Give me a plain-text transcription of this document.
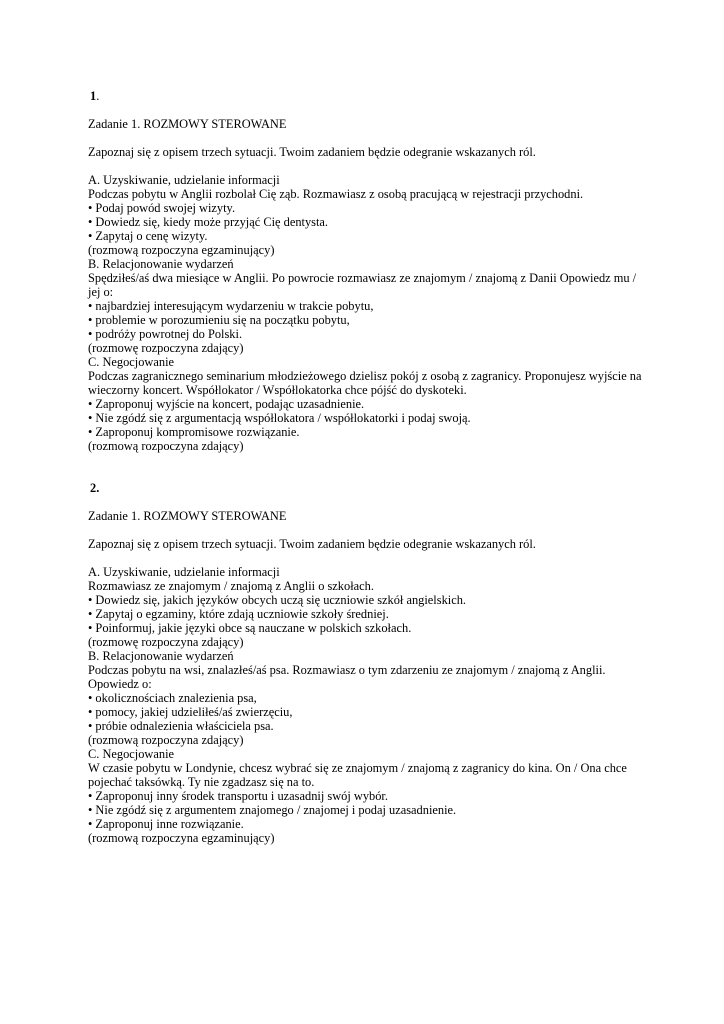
1.
Zadanie 1. ROZMOWY STEROWANE
Zapoznaj się z opisem trzech sytuacji. Twoim zadaniem będzie odegranie wskazanych ról.
A. Uzyskiwanie, udzielanie informacji
Podczas pobytu w Anglii rozbolał Cię ząb. Rozmawiasz z osobą pracującą w rejestracji przychodni.
• Podaj powód swojej wizyty.
• Dowiedz się, kiedy może przyjąć Cię dentysta.
• Zapytaj o cenę wizyty.
(rozmową rozpoczyna egzaminujący)
B. Relacjonowanie wydarzeń
Spędziłeś/aś dwa miesiące w Anglii. Po powrocie rozmawiasz ze znajomym / znajomą z Danii Opowiedz mu /
jej o:
• najbardziej interesującym wydarzeniu w trakcie pobytu,
• problemie w porozumieniu się na początku pobytu,
• podróży powrotnej do Polski.
(rozmowę rozpoczyna zdający)
C. Negocjowanie
Podczas zagranicznego seminarium młodzieżowego dzielisz pokój z osobą z zagranicy. Proponujesz wyjście na
wieczorny koncert. Współlokator / Współlokatorka chce pójść do dyskoteki.
• Zaproponuj wyjście na koncert, podając uzasadnienie.
• Nie zgódź się z argumentacją współlokatora / współlokatorki i podaj swoją.
• Zaproponuj kompromisowe rozwiązanie.
(rozmową rozpoczyna zdający)
2.
Zadanie 1. ROZMOWY STEROWANE
Zapoznaj się z opisem trzech sytuacji. Twoim zadaniem będzie odegranie wskazanych ról.
A. Uzyskiwanie, udzielanie informacji
Rozmawiasz ze znajomym / znajomą z Anglii o szkołach.
• Dowiedz się, jakich języków obcych uczą się uczniowie szkół angielskich.
• Zapytaj o egzaminy, które zdają uczniowie szkoły średniej.
• Poinformuj, jakie języki obce są nauczane w polskich szkołach.
(rozmowę rozpoczyna zdający)
B. Relacjonowanie wydarzeń
Podczas pobytu na wsi, znalazłeś/aś psa. Rozmawiasz o tym zdarzeniu ze znajomym / znajomą z Anglii.
Opowiedz o:
• okolicznościach znalezienia psa,
• pomocy, jakiej udzieliłeś/aś zwierzęciu,
• próbie odnalezienia właściciela psa.
(rozmową rozpoczyna zdający)
C. Negocjowanie
W czasie pobytu w Londynie, chcesz wybrać się ze znajomym / znajomą z zagranicy do kina. On / Ona chce
pojechać taksówką. Ty nie zgadzasz się na to.
• Zaproponuj inny środek transportu i uzasadnij swój wybór.
• Nie zgódź się z argumentem znajomego / znajomej i podaj uzasadnienie.
• Zaproponuj inne rozwiązanie.
(rozmową rozpoczyna egzaminujący)
